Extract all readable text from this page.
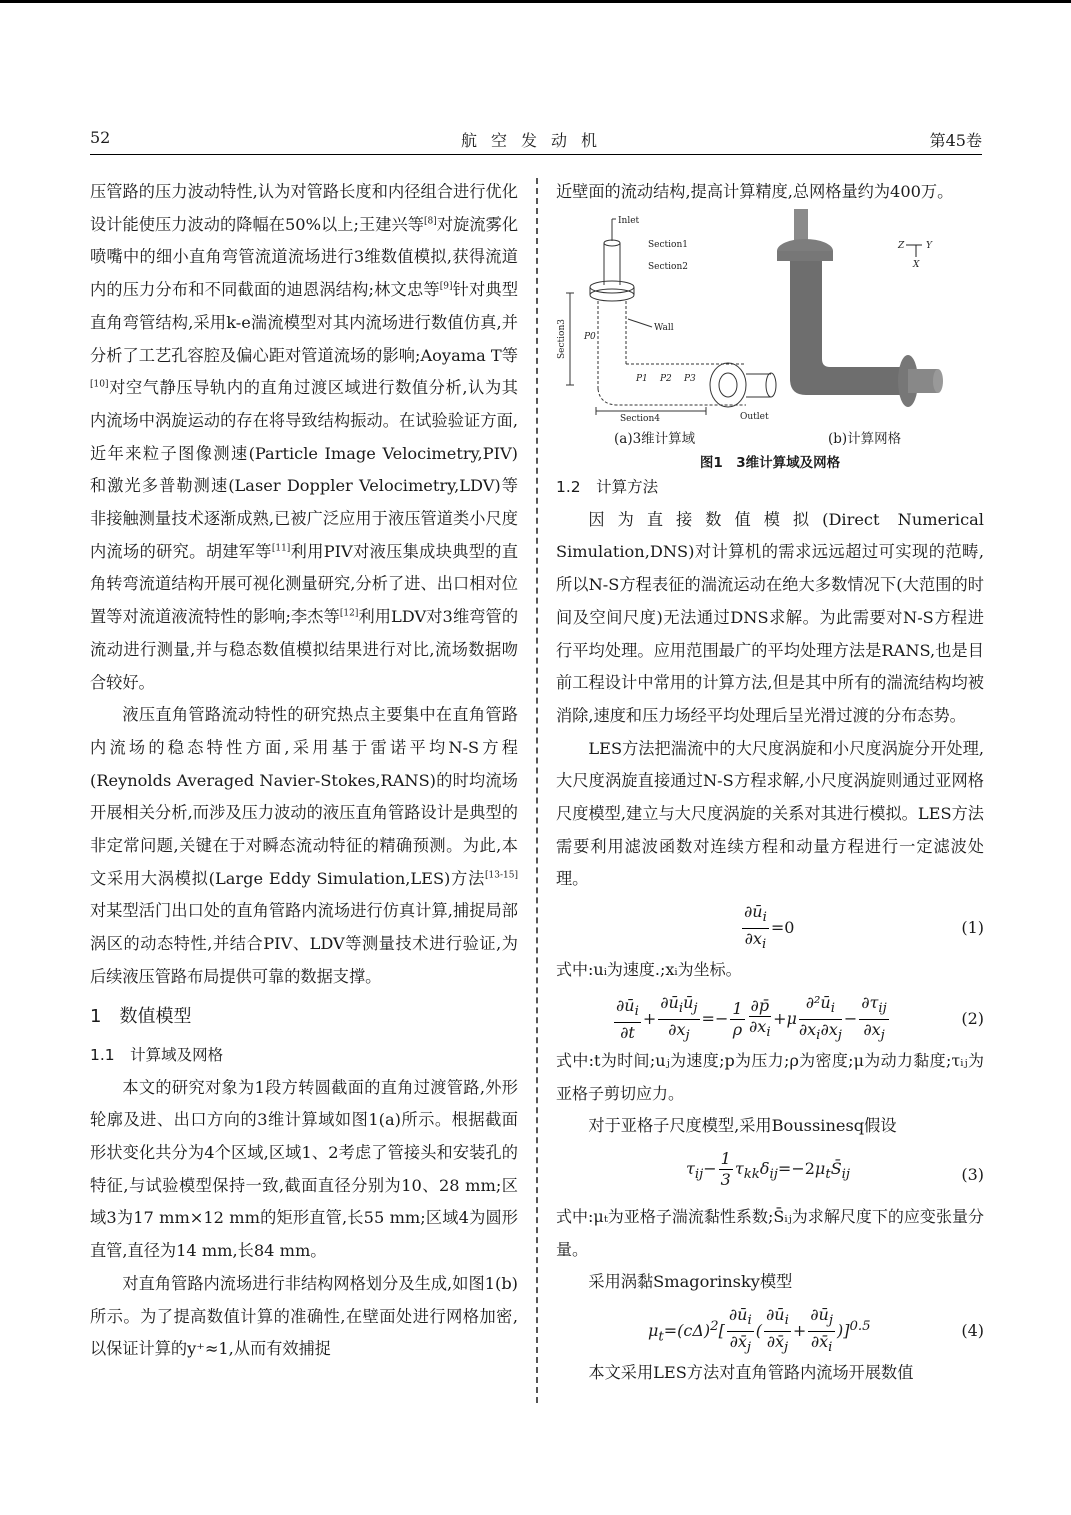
52	航空发动机	第45卷

压管路的压力波动特性,认为对管路长度和内径组合进行优化设计能使压力波动的降幅在50%以上;王建兴等[8]对旋流雾化喷嘴中的细小直角弯管流道流场进行3维数值模拟,获得流道内的压力分布和不同截面的迪恩涡结构;林文忠等[9]针对典型直角弯管结构,采用k-e湍流模型对其内流场进行数值仿真,并分析了工艺孔容腔及偏心距对管道流场的影响;Aoyama T等[10]对空气静压导轨内的直角过渡区域进行数值分析,认为其内流场中涡旋运动的存在将导致结构振动。在试验验证方面,近年来粒子图像测速(Particle Image Velocimetry,PIV)和激光多普勒测速(Laser Doppler Velocimetry,LDV)等非接触测量技术逐渐成熟,已被广泛应用于液压管道类小尺度内流场的研究。胡建军等[11]利用PIV对液压集成块典型的直角转弯流道结构开展可视化测量研究,分析了进、出口相对位置等对流道液流特性的影响;李杰等[12]利用LDV对3维弯管的流动进行测量,并与稳态数值模拟结果进行对比,流场数据吻合较好。

液压直角管路流动特性的研究热点主要集中在直角管路内流场的稳态特性方面,采用基于雷诺平均N-S方程(Reynolds Averaged Navier-Stokes,RANS)的时均流场开展相关分析,而涉及压力波动的液压直角管路设计是典型的非定常问题,关键在于对瞬态流动特征的精确预测。为此,本文采用大涡模拟(Large Eddy Simulation,LES)方法[13-15]对某型活门出口处的直角管路内流场进行仿真计算,捕捉局部涡区的动态特性,并结合PIV、LDV等测量技术进行验证,为后续液压管路布局提供可靠的数据支撑。

1　数值模型
1.1　计算域及网格

本文的研究对象为1段方转圆截面的直角过渡管路,外形轮廓及进、出口方向的3维计算域如图1(a)所示。根据截面形状变化共分为4个区域,区域1、2考虑了管接头和安装孔的特征,与试验模型保持一致,截面直径分别为10、28 mm;区域3为17 mm×12 mm的矩形直管,长55 mm;区域4为圆形直管,直径为14 mm,长84 mm。

对直角管路内流场进行非结构网格划分及生成,如图1(b)所示。为了提高数值计算的准确性,在壁面处进行网格加密,以保证计算的y⁺≈1,从而有效捕捉

近壁面的流动结构,提高计算精度,总网格量约为400万。

Inlet
Section1
Section2
Wall
Outlet
Section4
Section3 P0
P1 P2 P3
Z Y
X
(a)3维计算域	(b)计算网格
图1　3维计算域及网格
1.2　计算方法

因为直接数值模拟(Direct Numerical Simulation,DNS)对计算机的需求远远超过可实现的范畴,所以N-S方程表征的湍流运动在绝大多数情况下(大范围的时间及空间尺度)无法通过DNS求解。为此需要对N-S方程进行平均处理。应用范围最广的平均处理方法是RANS,也是目前工程设计中常用的计算方法,但是其中所有的湍流结构均被消除,速度和压力场经平均处理后呈光滑过渡的分布态势。

LES方法把湍流中的大尺度涡旋和小尺度涡旋分开处理,大尺度涡旋直接通过N-S方程求解,小尺度涡旋则通过亚网格尺度模型,建立与大尺度涡旋的关系对其进行模拟。LES方法需要利用滤波函数对连续方程和动量方程进行一定滤波处理。

$\frac{\partial ū_i}{\partial x_i} =0$	(1)

式中:uᵢ为速度.;xᵢ为坐标。

$\frac{\partial ū_i}{\partial t} + \frac{\partial ū_iū_j}{\partial x_j} =- \frac{1}{\rho} \frac{\partial p̄}{\partial x_i} +\mu \frac{\partial^2ū_i}{\partial x_i\partial x_j} - \frac{\partial\tau_{ij}}{\partial x_j}$	(2)

式中:t为时间;uⱼ为速度;p为压力;ρ为密度;μ为动力黏度;τᵢⱼ为亚格子剪切应力。

对于亚格子尺度模型,采用Boussinesq假设

$\tau_{ij}- \frac{1}{3}$ $\tau_{kk}\delta_{ij}=-2\mu_tS̄_{ij}$	(3)

式中:μₜ为亚格子湍流黏性系数;S̄ᵢⱼ为求解尺度下的应变张量分量。

采用涡黏Smagorinsky模型

$\mu_t=(c\Delta)^2[ \frac{\partial ū_i}{\partial x̄_j}$ ( $\frac{\partial ū_i}{\partial x̄_j} + \frac{\partial ū_j}{\partial x̄_i} )]^{0.5}$	(4)

本文采用LES方法对直角管路内流场开展数值
